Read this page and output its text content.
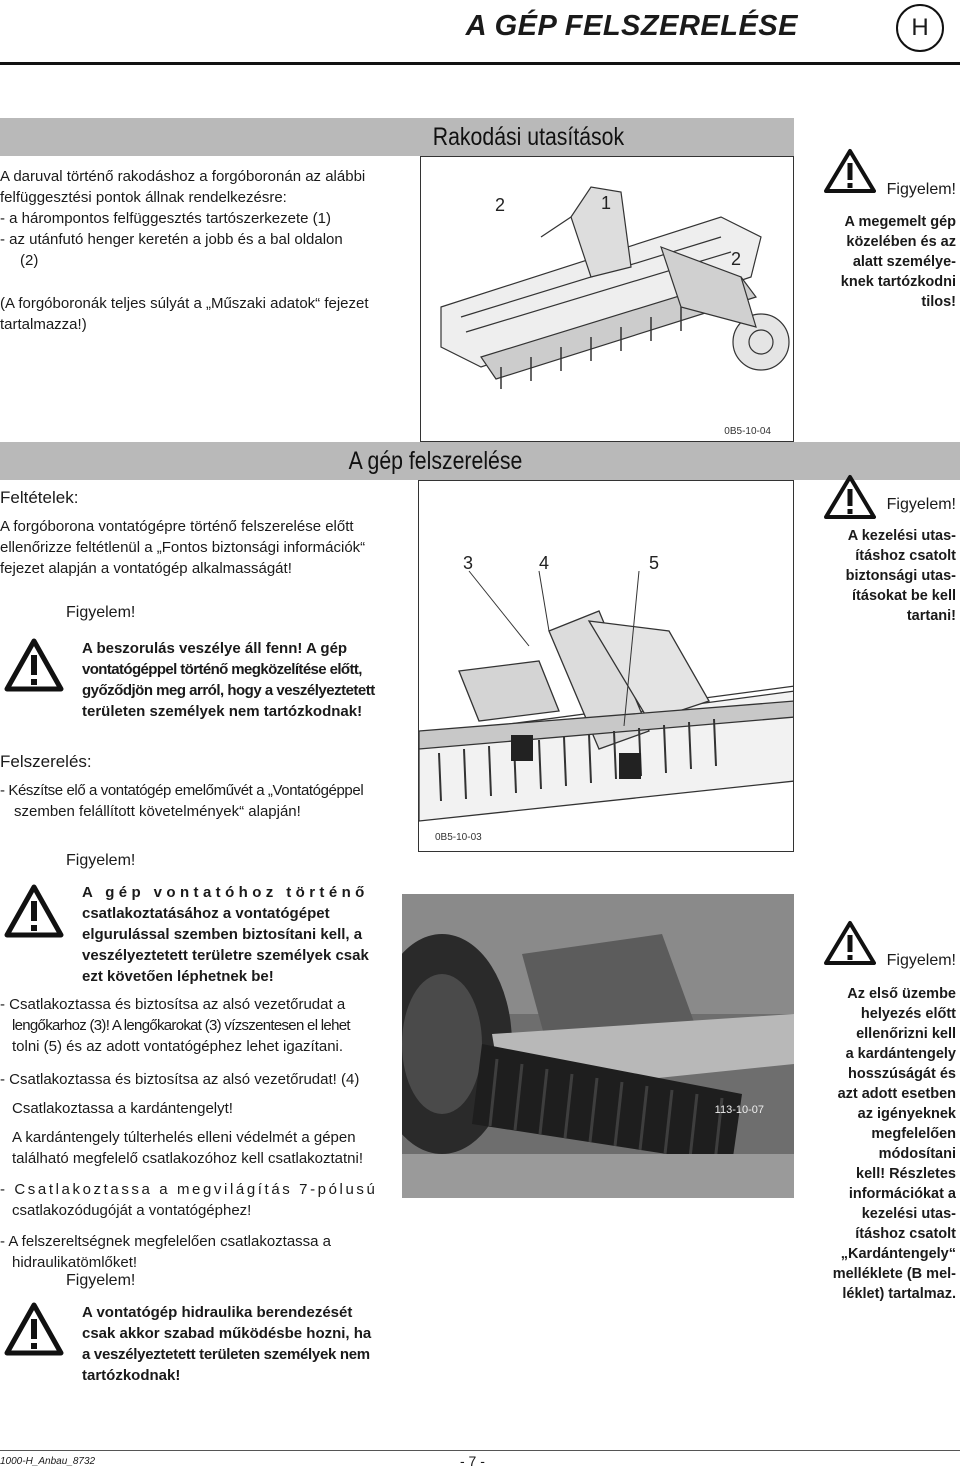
A GÉP FELSZERELÉSE	H
Rakodási utasítások
A daruval történő rakodáshoz a forgóboronán az alábbi
felfüggesztési pontok állnak rendelkezésre:
- a hárompontos felfüggesztés tartószerkezete (1)
- az utánfutó henger keretén a jobb és a bal oldalon
(2)
(A forgóboronák teljes súlyát a „Műszaki adatok“ fejezet
tartalmazza!)
2	1
2
0B5-10-04
Figyelem!
A megemelt gép
közelében és az
alatt személye-
knek tartózkodni
tilos!
A gép felszerelése
Feltételek:
A forgóborona vontatógépre történő felszerelése előtt
ellenőrizze feltétlenül a „Fontos biztonsági információk“
fejezet alapján a vontatógép alkalmasságát!
Figyelem!
A beszorulás veszélye áll fenn! A gép
vontatógéppel történő megközelítése előtt,
győződjön meg arról, hogy a veszélyeztetett
területen személyek nem tartózkodnak!
3	4	5
0B5-10-03
Figyelem!
A kezelési utas-
ításhoz csatolt
biztonsági utas-
ításokat be kell
tartani!
Felszerelés:
- Készítse elő a vontatógép emelőművét a „Vontatógéppel
szemben felállított követelmények“ alapján!
Figyelem!
A gép vontatóhoz történő
csatlakoztatásához a vontatógépet
elgurulással szemben biztosítani kell, a
veszélyeztetett területre személyek csak
ezt követően léphetnek be!
- Csatlakoztassa és biztosítsa az alsó vezetőrudat a
lengőkarhoz (3)! A lengőkarokat (3) vízszentesen el lehet
tolni (5) és az adott vontatógéphez lehet igazítani.
- Csatlakoztassa és biztosítsa az alsó vezetőrudat! (4)
Csatlakoztassa a kardántengelyt!
A kardántengely túlterhelés elleni védelmét a gépen
található megfelelő csatlakozóhoz kell csatlakoztatni!
- Csatlakoztassa a megvilágítás 7-pólusú
csatlakozódugóját a vontatógéphez!
- A felszereltségnek megfelelően csatlakoztassa a
hidraulikatömlőket!
Figyelem!
A vontatógép hidraulika berendezését
csak akkor szabad működésbe hozni, ha
a veszélyeztetett területen személyek nem
tartózkodnak!
113-10-07
Figyelem!
Az első üzembe
helyezés előtt
ellenőrizni kell
a kardántengely
hosszúságát és
azt adott esetben
az igényeknek
megfelelően
módosítani
kell! Részletes
információkat a
kezelési utas-
ításhoz csatolt
„Kardántengely“
melléklete (B mel-
léklet) tartalmaz.
1000-H_Anbau_8732	- 7 -
